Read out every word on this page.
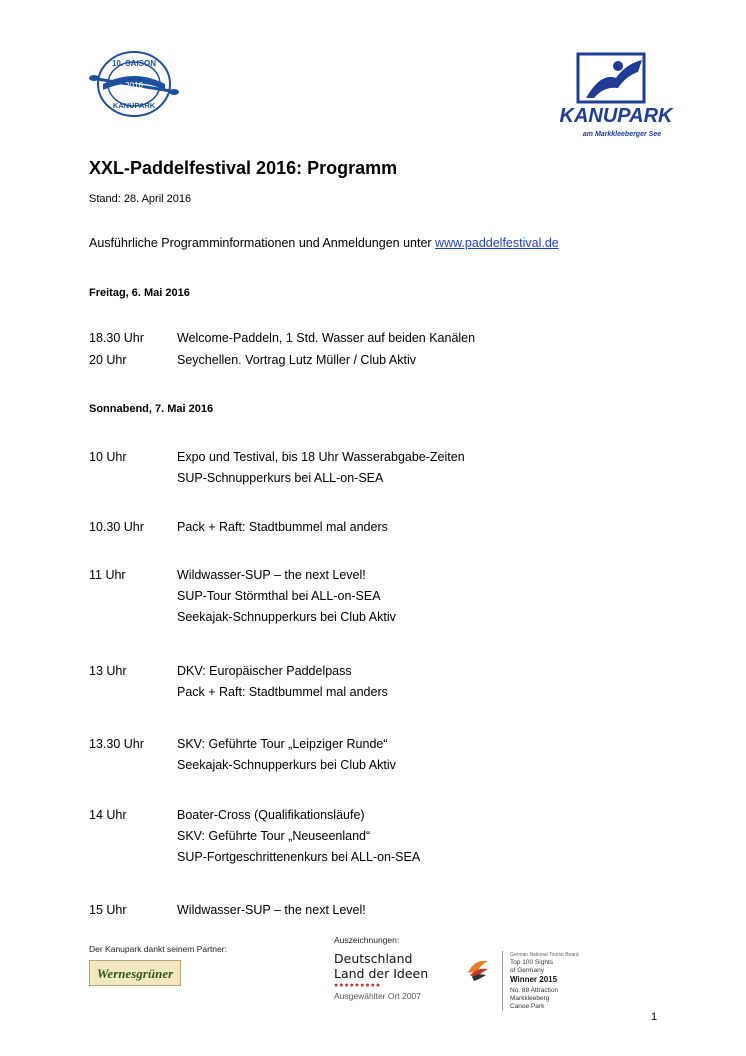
10. SAISON
2016
KANUPARK	KANUPARK
am Markkleeberger See
XXL-Paddelfestival 2016: Programm
Stand: 28. April 2016
Ausführliche Programminformationen und Anmeldungen unter www.paddelfestival.de
Freitag, 6. Mai 2016
18.30 Uhr	Welcome-Paddeln, 1 Std. Wasser auf beiden Kanälen
20 Uhr	Seychellen. Vortrag Lutz Müller / Club Aktiv
Sonnabend, 7. Mai 2016
10 Uhr	Expo und Testival, bis 18 Uhr Wasserabgabe-Zeiten
SUP-Schnupperkurs bei ALL-on-SEA
10.30 Uhr	Pack + Raft: Stadtbummel mal anders
11 Uhr	Wildwasser-SUP – the next Level!
SUP-Tour Störmthal bei ALL-on-SEA
Seekajak-Schnupperkurs bei Club Aktiv
13 Uhr	DKV: Europäischer Paddelpass
Pack + Raft: Stadtbummel mal anders
13.30 Uhr	SKV: Geführte Tour „Leipziger Runde“
Seekajak-Schnupperkurs bei Club Aktiv
14 Uhr	Boater-Cross (Qualifikationsläufe)
SKV: Geführte Tour „Neuseenland“
SUP-Fortgeschrittenenkurs bei ALL-on-SEA
15 Uhr	Wildwasser-SUP – the next Level!
Der Kanupark dankt seinem Partner:
Wernesgrüner
Auszeichnungen:
Deutschland
Land der Ideen
●●●●●●●●●
Ausgewählter Ort 2007
German National Tourist Board
Top 100 Sights
of Germany
Winner 2015
No. 88 Attraction
Markkleeberg
Canoe Park
1
